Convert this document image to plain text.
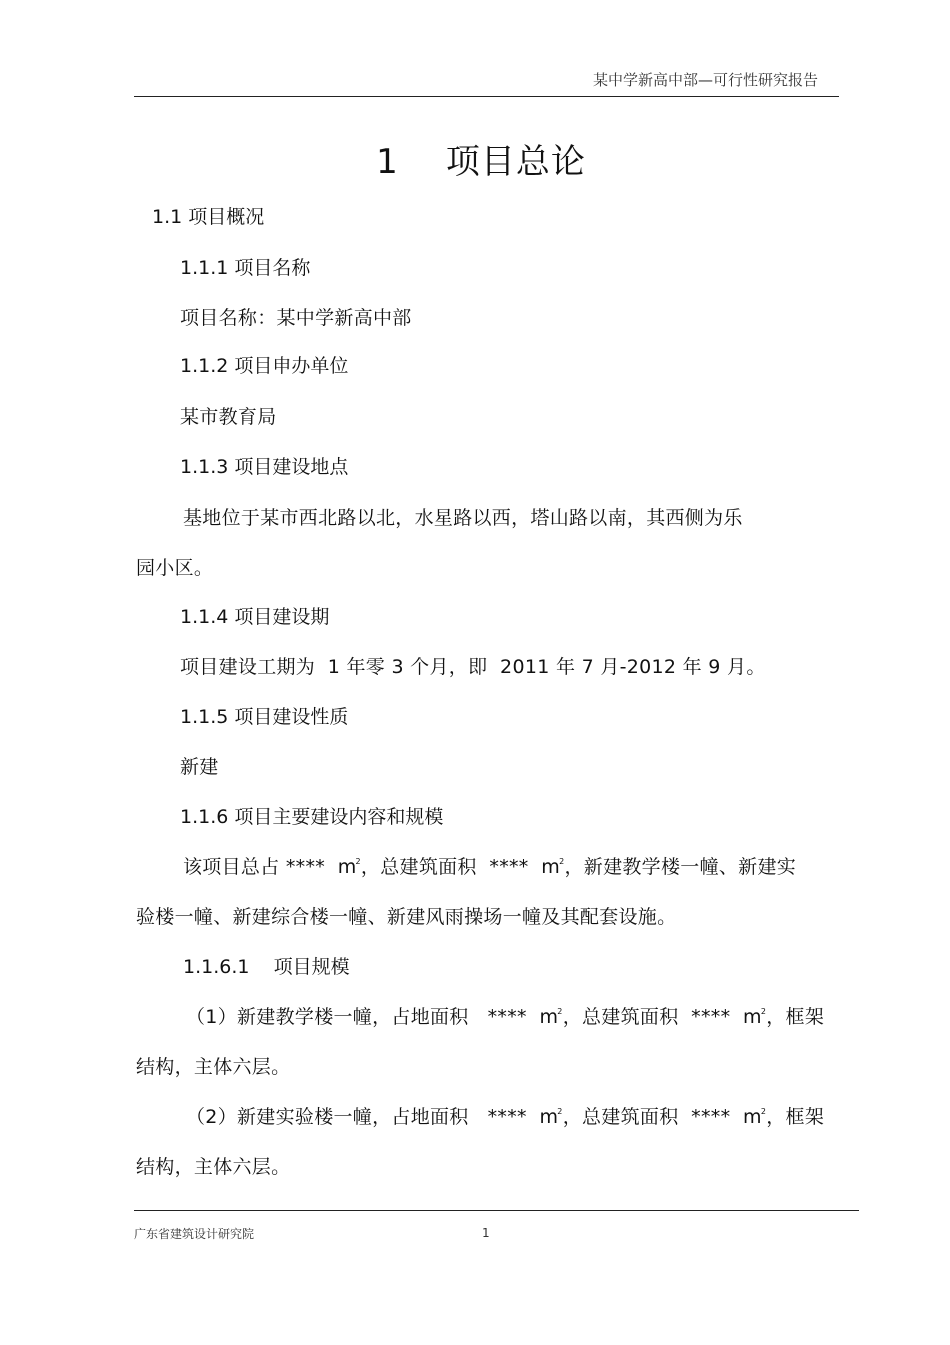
某中学新高中部—可行性研究报告
1    项目总论
1.1 项目概况
1.1.1 项目名称
项目名称：某中学新高中部
1.1.2 项目申办单位
某市教育局
1.1.3 项目建设地点
基地位于某市西北路以北，水星路以西，塔山路以南，其西侧为乐
园小区。
1.1.4 项目建设期
项目建设工期为  1 年零 3 个月，即  2011 年 7 月-2012 年 9 月。
1.1.5 项目建设性质
新建
1.1.6 项目主要建设内容和规模
该项目总占 ****  $m^2$，总建筑面积  ****  $m^2$，新建教学楼一幢、新建实
验楼一幢、新建综合楼一幢、新建风雨操场一幢及其配套设施。
1.1.6.1    项目规模
（1）新建教学楼一幢，占地面积   ****  $m^2$，总建筑面积  ****  $m^2$，框架
结构，主体六层。
（2）新建实验楼一幢，占地面积   ****  $m^2$，总建筑面积  ****  $m^2$，框架
结构，主体六层。
广东省建筑设计研究院	1
